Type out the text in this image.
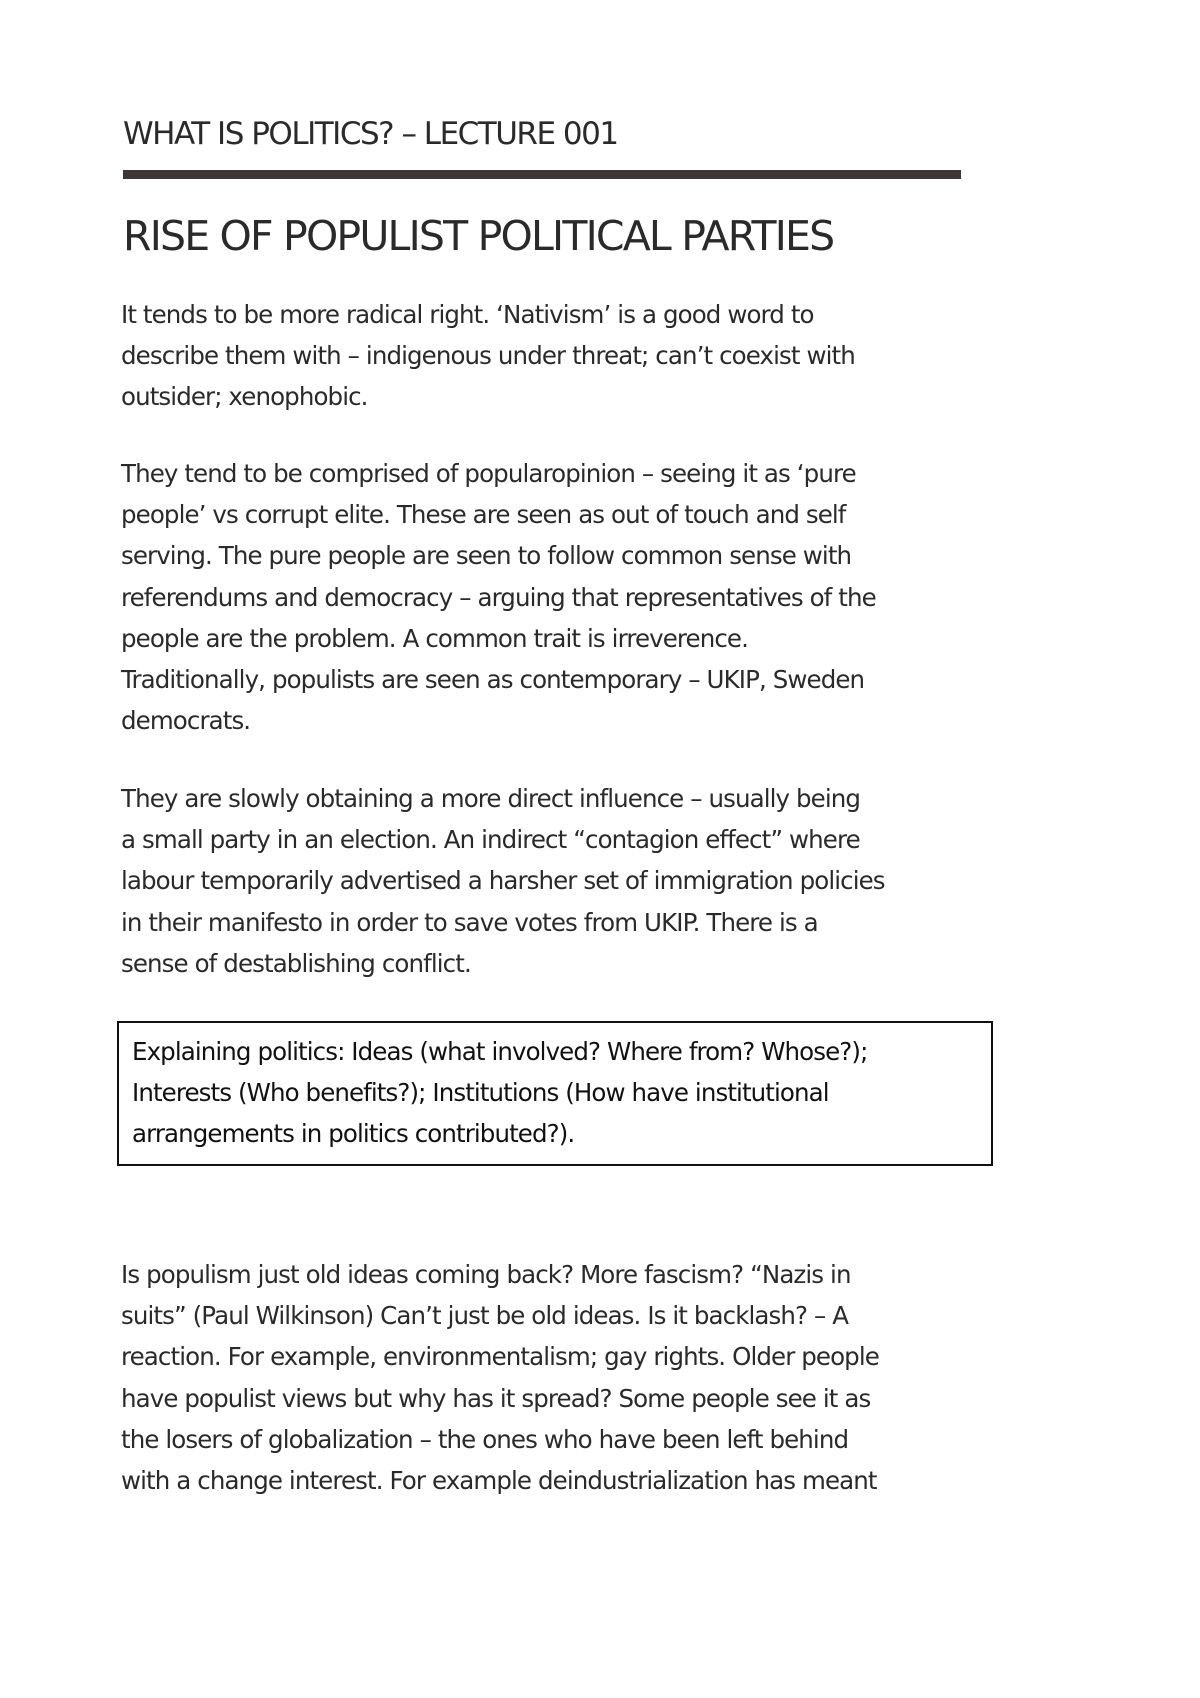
WHAT IS POLITICS? – LECTURE 001
RISE OF POPULIST POLITICAL PARTIES

It tends to be more radical right. ‘Nativism’ is a good word to
describe them with – indigenous under threat; can’t coexist with
outsider; xenophobic.

They tend to be comprised of popularopinion – seeing it as ‘pure
people’ vs corrupt elite. These are seen as out of touch and self
serving. The pure people are seen to follow common sense with
referendums and democracy – arguing that representatives of the
people are the problem. A common trait is irreverence.
Traditionally, populists are seen as contemporary – UKIP, Sweden
democrats.

They are slowly obtaining a more direct influence – usually being
a small party in an election. An indirect “contagion effect” where
labour temporarily advertised a harsher set of immigration policies
in their manifesto in order to save votes from UKIP. There is a
sense of destablishing conflict.

Explaining politics: Ideas (what involved? Where from? Whose?);
Interests (Who benefits?); Institutions (How have institutional
arrangements in politics contributed?).

Is populism just old ideas coming back? More fascism? “Nazis in
suits” (Paul Wilkinson) Can’t just be old ideas. Is it backlash? – A
reaction. For example, environmentalism; gay rights. Older people
have populist views but why has it spread? Some people see it as
the losers of globalization – the ones who have been left behind
with a change interest. For example deindustrialization has meant
